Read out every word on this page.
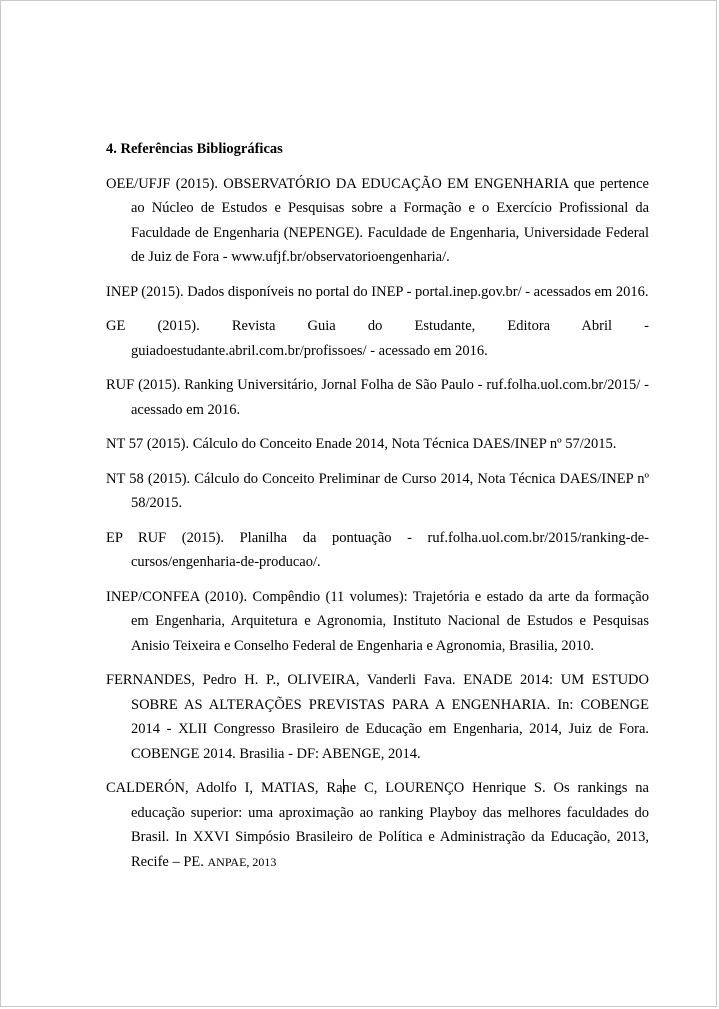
4. Referências Bibliográficas

OEE/UFJF (2015). OBSERVATÓRIO DA EDUCAÇÃO EM ENGENHARIA que pertence ao Núcleo de Estudos e Pesquisas sobre a Formação e o Exercício Profissional da Faculdade de Engenharia (NEPENGE). Faculdade de Engenharia, Universidade Federal de Juiz de Fora - www.ufjf.br/observatorioengenharia/.

INEP (2015). Dados disponíveis no portal do INEP - portal.inep.gov.br/ - acessados em 2016.

GE (2015). Revista Guia do Estudante, Editora Abril - guiadoestudante.abril.com.br/profissoes/ - acessado em 2016.

RUF (2015). Ranking Universitário, Jornal Folha de São Paulo - ruf.folha.uol.com.br/2015/ - acessado em 2016.

NT 57 (2015). Cálculo do Conceito Enade 2014, Nota Técnica DAES/INEP nº 57/2015.

NT 58 (2015). Cálculo do Conceito Preliminar de Curso 2014, Nota Técnica DAES/INEP nº 58/2015.

EP RUF (2015). Planilha da pontuação - ruf.folha.uol.com.br/2015/ranking-de-cursos/engenharia-de-producao/.

INEP/CONFEA (2010). Compêndio (11 volumes): Trajetória e estado da arte da formação em Engenharia, Arquitetura e Agronomia, Instituto Nacional de Estudos e Pesquisas Anisio Teixeira e Conselho Federal de Engenharia e Agronomia, Brasilia, 2010.

FERNANDES, Pedro H. P., OLIVEIRA, Vanderli Fava. ENADE 2014: UM ESTUDO SOBRE AS ALTERAÇÕES PREVISTAS PARA A ENGENHARIA. In: COBENGE 2014 - XLII Congresso Brasileiro de Educação em Engenharia, 2014, Juiz de Fora. COBENGE 2014. Brasilia - DF: ABENGE, 2014.

CALDERÓN, Adolfo I, MATIAS, Rane C, LOURENÇO Henrique S. Os rankings na educação superior: uma aproximação ao ranking Playboy das melhores faculdades do Brasil. In XXVI Simpósio Brasileiro de Política e Administração da Educação, 2013, Recife – PE. ANPAE, 2013
